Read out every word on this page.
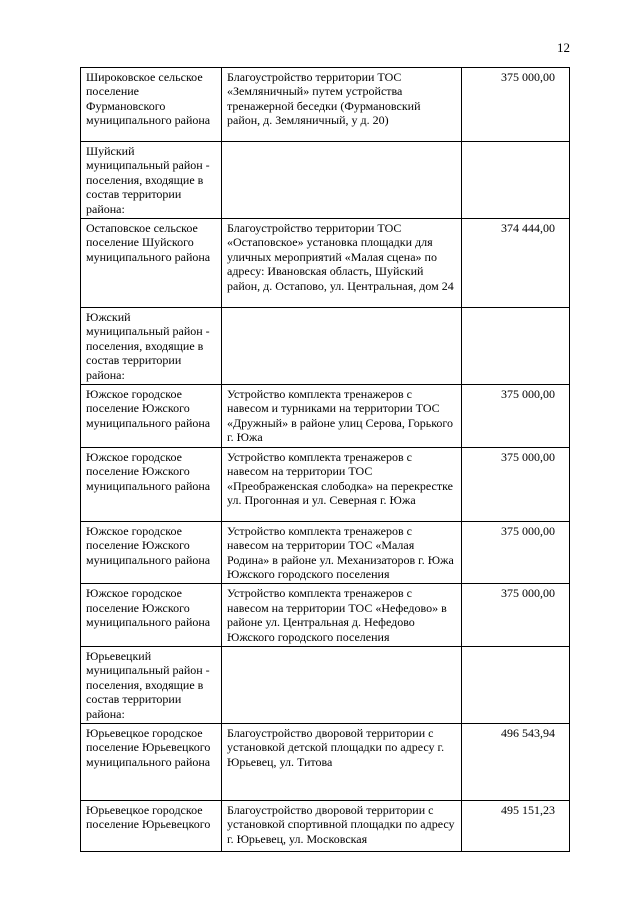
12
Широковское сельское поселение Фурмановского муниципального района	Благоустройство территории ТОС «Земляничный» путем устройства тренажерной беседки (Фурмановский район, д. Земляничный, у д. 20)	375 000,00
Шуйский муниципальный район - поселения, входящие в состав территории района:		
Остаповское сельское поселение Шуйского муниципального района	Благоустройство территории ТОС «Остаповское» установка площадки для уличных мероприятий «Малая сцена» по адресу: Ивановская область, Шуйский район, д. Остапово, ул. Центральная, дом 24	374 444,00
Южский муниципальный район - поселения, входящие в состав территории района:		
Южское городское поселение Южского муниципального района	Устройство комплекта тренажеров с навесом и турниками на территории ТОС «Дружный» в районе улиц Серова, Горького г. Южа	375 000,00
Южское городское поселение Южского муниципального района	Устройство комплекта тренажеров с навесом на территории ТОС «Преображенская слободка» на перекрестке ул. Прогонная и ул. Северная г. Южа	375 000,00
Южское городское поселение Южского муниципального района	Устройство комплекта тренажеров с навесом на территории ТОС «Малая Родина» в районе ул. Механизаторов г. Южа Южского городского поселения	375 000,00
Южское городское поселение Южского муниципального района	Устройство комплекта тренажеров с навесом на территории ТОС «Нефедово» в районе ул. Центральная д. Нефедово Южского городского поселения	375 000,00
Юрьевецкий муниципальный район - поселения, входящие в состав территории района:		
Юрьевецкое городское поселение Юрьевецкого муниципального района	Благоустройство дворовой территории с установкой детской площадки по адресу г. Юрьевец, ул. Титова	496 543,94
Юрьевецкое городское поселение Юрьевецкого	Благоустройство дворовой территории с установкой спортивной площадки по адресу г. Юрьевец, ул. Московская	495 151,23
